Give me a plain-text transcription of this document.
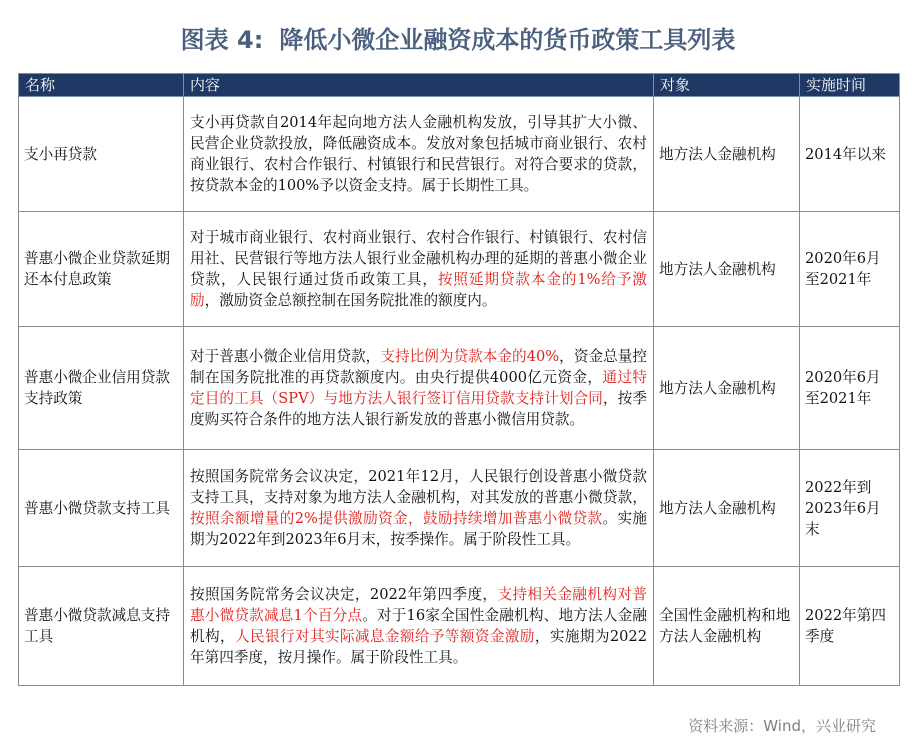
图表 4: 降低小微企业融资成本的货币政策工具列表
名称	内容	对象	实施时间
支小再贷款	支小再贷款自2014年起向地方法人金融机构发放，引导其扩大小微、民营企业贷款投放，降低融资成本。发放对象包括城市商业银行、农村商业银行、农村合作银行、村镇银行和民营银行。对符合要求的贷款，按贷款本金的100%予以资金支持。属于长期性工具。	地方法人金融机构	2014年以来
普惠小微企业贷款延期还本付息政策	对于城市商业银行、农村商业银行、农村合作银行、村镇银行、农村信用社、民营银行等地方法人银行业金融机构办理的延期的普惠小微企业贷款，人民银行通过货币政策工具，按照延期贷款本金的1%给予激励，激励资金总额控制在国务院批准的额度内。	地方法人金融机构	2020年6月至2021年
普惠小微企业信用贷款支持政策	对于普惠小微企业信用贷款，支持比例为贷款本金的40%，资金总量控制在国务院批准的再贷款额度内。由央行提供4000亿元资金，通过特定目的工具（SPV）与地方法人银行签订信用贷款支持计划合同，按季度购买符合条件的地方法人银行新发放的普惠小微信用贷款。	地方法人金融机构	2020年6月至2021年
普惠小微贷款支持工具	按照国务院常务会议决定，2021年12月，人民银行创设普惠小微贷款支持工具，支持对象为地方法人金融机构，对其发放的普惠小微贷款，按照余额增量的2%提供激励资金，鼓励持续增加普惠小微贷款。实施期为2022年到2023年6月末，按季操作。属于阶段性工具。	地方法人金融机构	2022年到2023年6月末
普惠小微贷款减息支持工具	按照国务院常务会议决定，2022年第四季度，支持相关金融机构对普惠小微贷款减息1个百分点。对于16家全国性金融机构、地方法人金融机构，人民银行对其实际减息金额给予等额资金激励，实施期为2022年第四季度，按月操作。属于阶段性工具。	全国性金融机构和地方法人金融机构	2022年第四季度
资料来源：Wind，兴业研究
